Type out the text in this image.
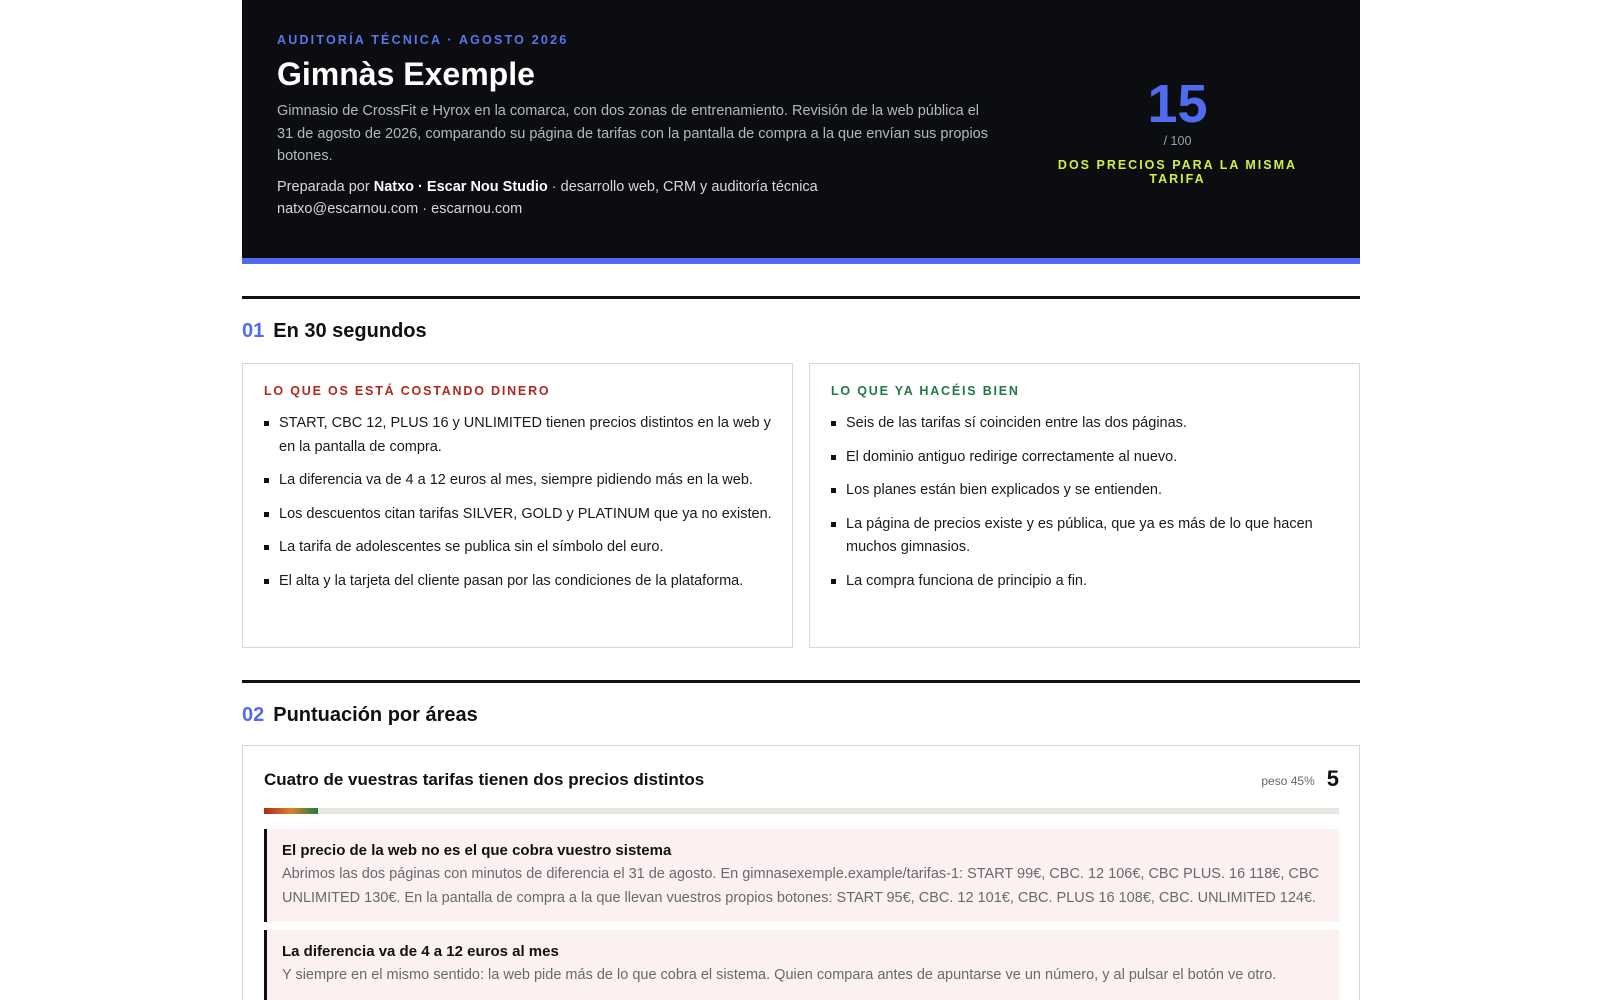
AUDITORÍA TÉCNICA · AGOSTO 2026
Gimnàs Exemple

Gimnasio de CrossFit e Hyrox en la comarca, con dos zonas de entrenamiento. Revisión de la web pública el 31 de agosto de 2026, comparando su página de tarifas con la pantalla de compra a la que envían sus propios botones.

Preparada por Natxo · Escar Nou Studio · desarrollo web, CRM y auditoría técnica
natxo@escarnou.com · escarnou.com

15
/ 100
DOS PRECIOS PARA LA MISMA TARIFA
01 En 30 segundos
LO QUE OS ESTÁ COSTANDO DINERO
START, CBC 12, PLUS 16 y UNLIMITED tienen precios distintos en la web y en la pantalla de compra.
La diferencia va de 4 a 12 euros al mes, siempre pidiendo más en la web.
Los descuentos citan tarifas SILVER, GOLD y PLATINUM que ya no existen.
La tarifa de adolescentes se publica sin el símbolo del euro.
El alta y la tarjeta del cliente pasan por las condiciones de la plataforma.
LO QUE YA HACÉIS BIEN
Seis de las tarifas sí coinciden entre las dos páginas.
El dominio antiguo redirige correctamente al nuevo.
Los planes están bien explicados y se entienden.
La página de precios existe y es pública, que ya es más de lo que hacen muchos gimnasios.
La compra funciona de principio a fin.
02 Puntuación por áreas
Cuatro de vuestras tarifas tienen dos precios distintos	peso 45% 5
El precio de la web no es el que cobra vuestro sistema
Abrimos las dos páginas con minutos de diferencia el 31 de agosto. En gimnasexemple.example/tarifas-1: START 99€, CBC. 12 106€, CBC PLUS. 16 118€, CBC UNLIMITED 130€. En la pantalla de compra a la que llevan vuestros propios botones: START 95€, CBC. 12 101€, CBC. PLUS 16 108€, CBC. UNLIMITED 124€.
La diferencia va de 4 a 12 euros al mes
Y siempre en el mismo sentido: la web pide más de lo que cobra el sistema. Quien compara antes de apuntarse ve un número, y al pulsar el botón ve otro.
